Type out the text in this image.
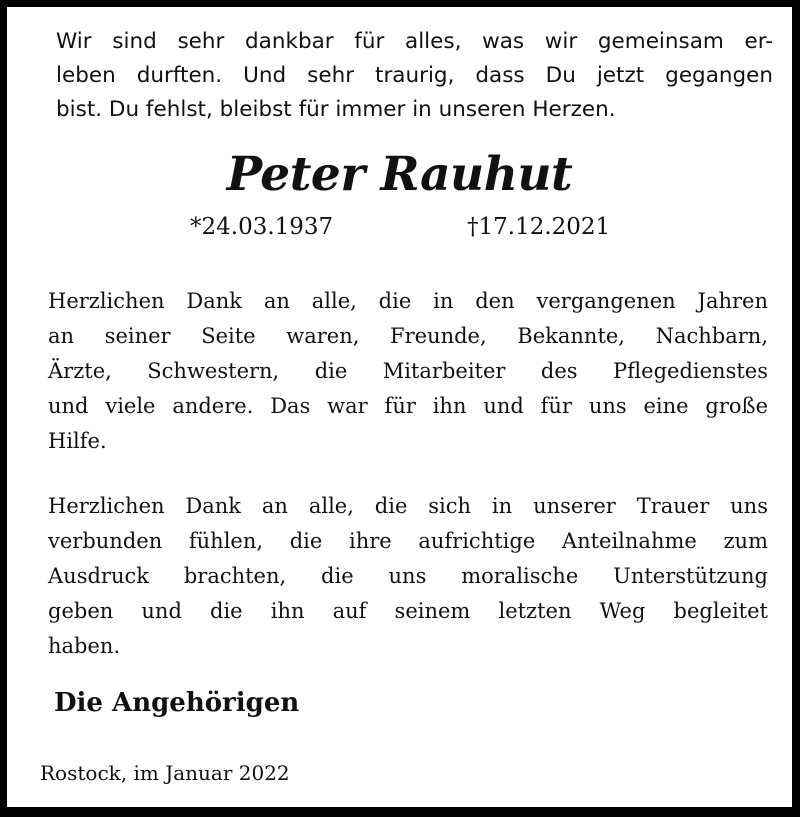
Wir sind sehr dankbar für alles, was wir gemeinsam er-
leben durften. Und sehr traurig, dass Du jetzt gegangen
bist. Du fehlst, bleibst für immer in unseren Herzen.
Peter Rauhut
*24.03.1937	†17.12.2021
Herzlichen Dank an alle, die in den vergangenen Jahren
an seiner Seite waren, Freunde, Bekannte, Nachbarn,
Ärzte, Schwestern, die Mitarbeiter des Pflegedienstes
und viele andere. Das war für ihn und für uns eine große
Hilfe.
Herzlichen Dank an alle, die sich in unserer Trauer uns
verbunden fühlen, die ihre aufrichtige Anteilnahme zum
Ausdruck brachten, die uns moralische Unterstützung
geben und die ihn auf seinem letzten Weg begleitet
haben.
Die Angehörigen
Rostock, im Januar 2022
